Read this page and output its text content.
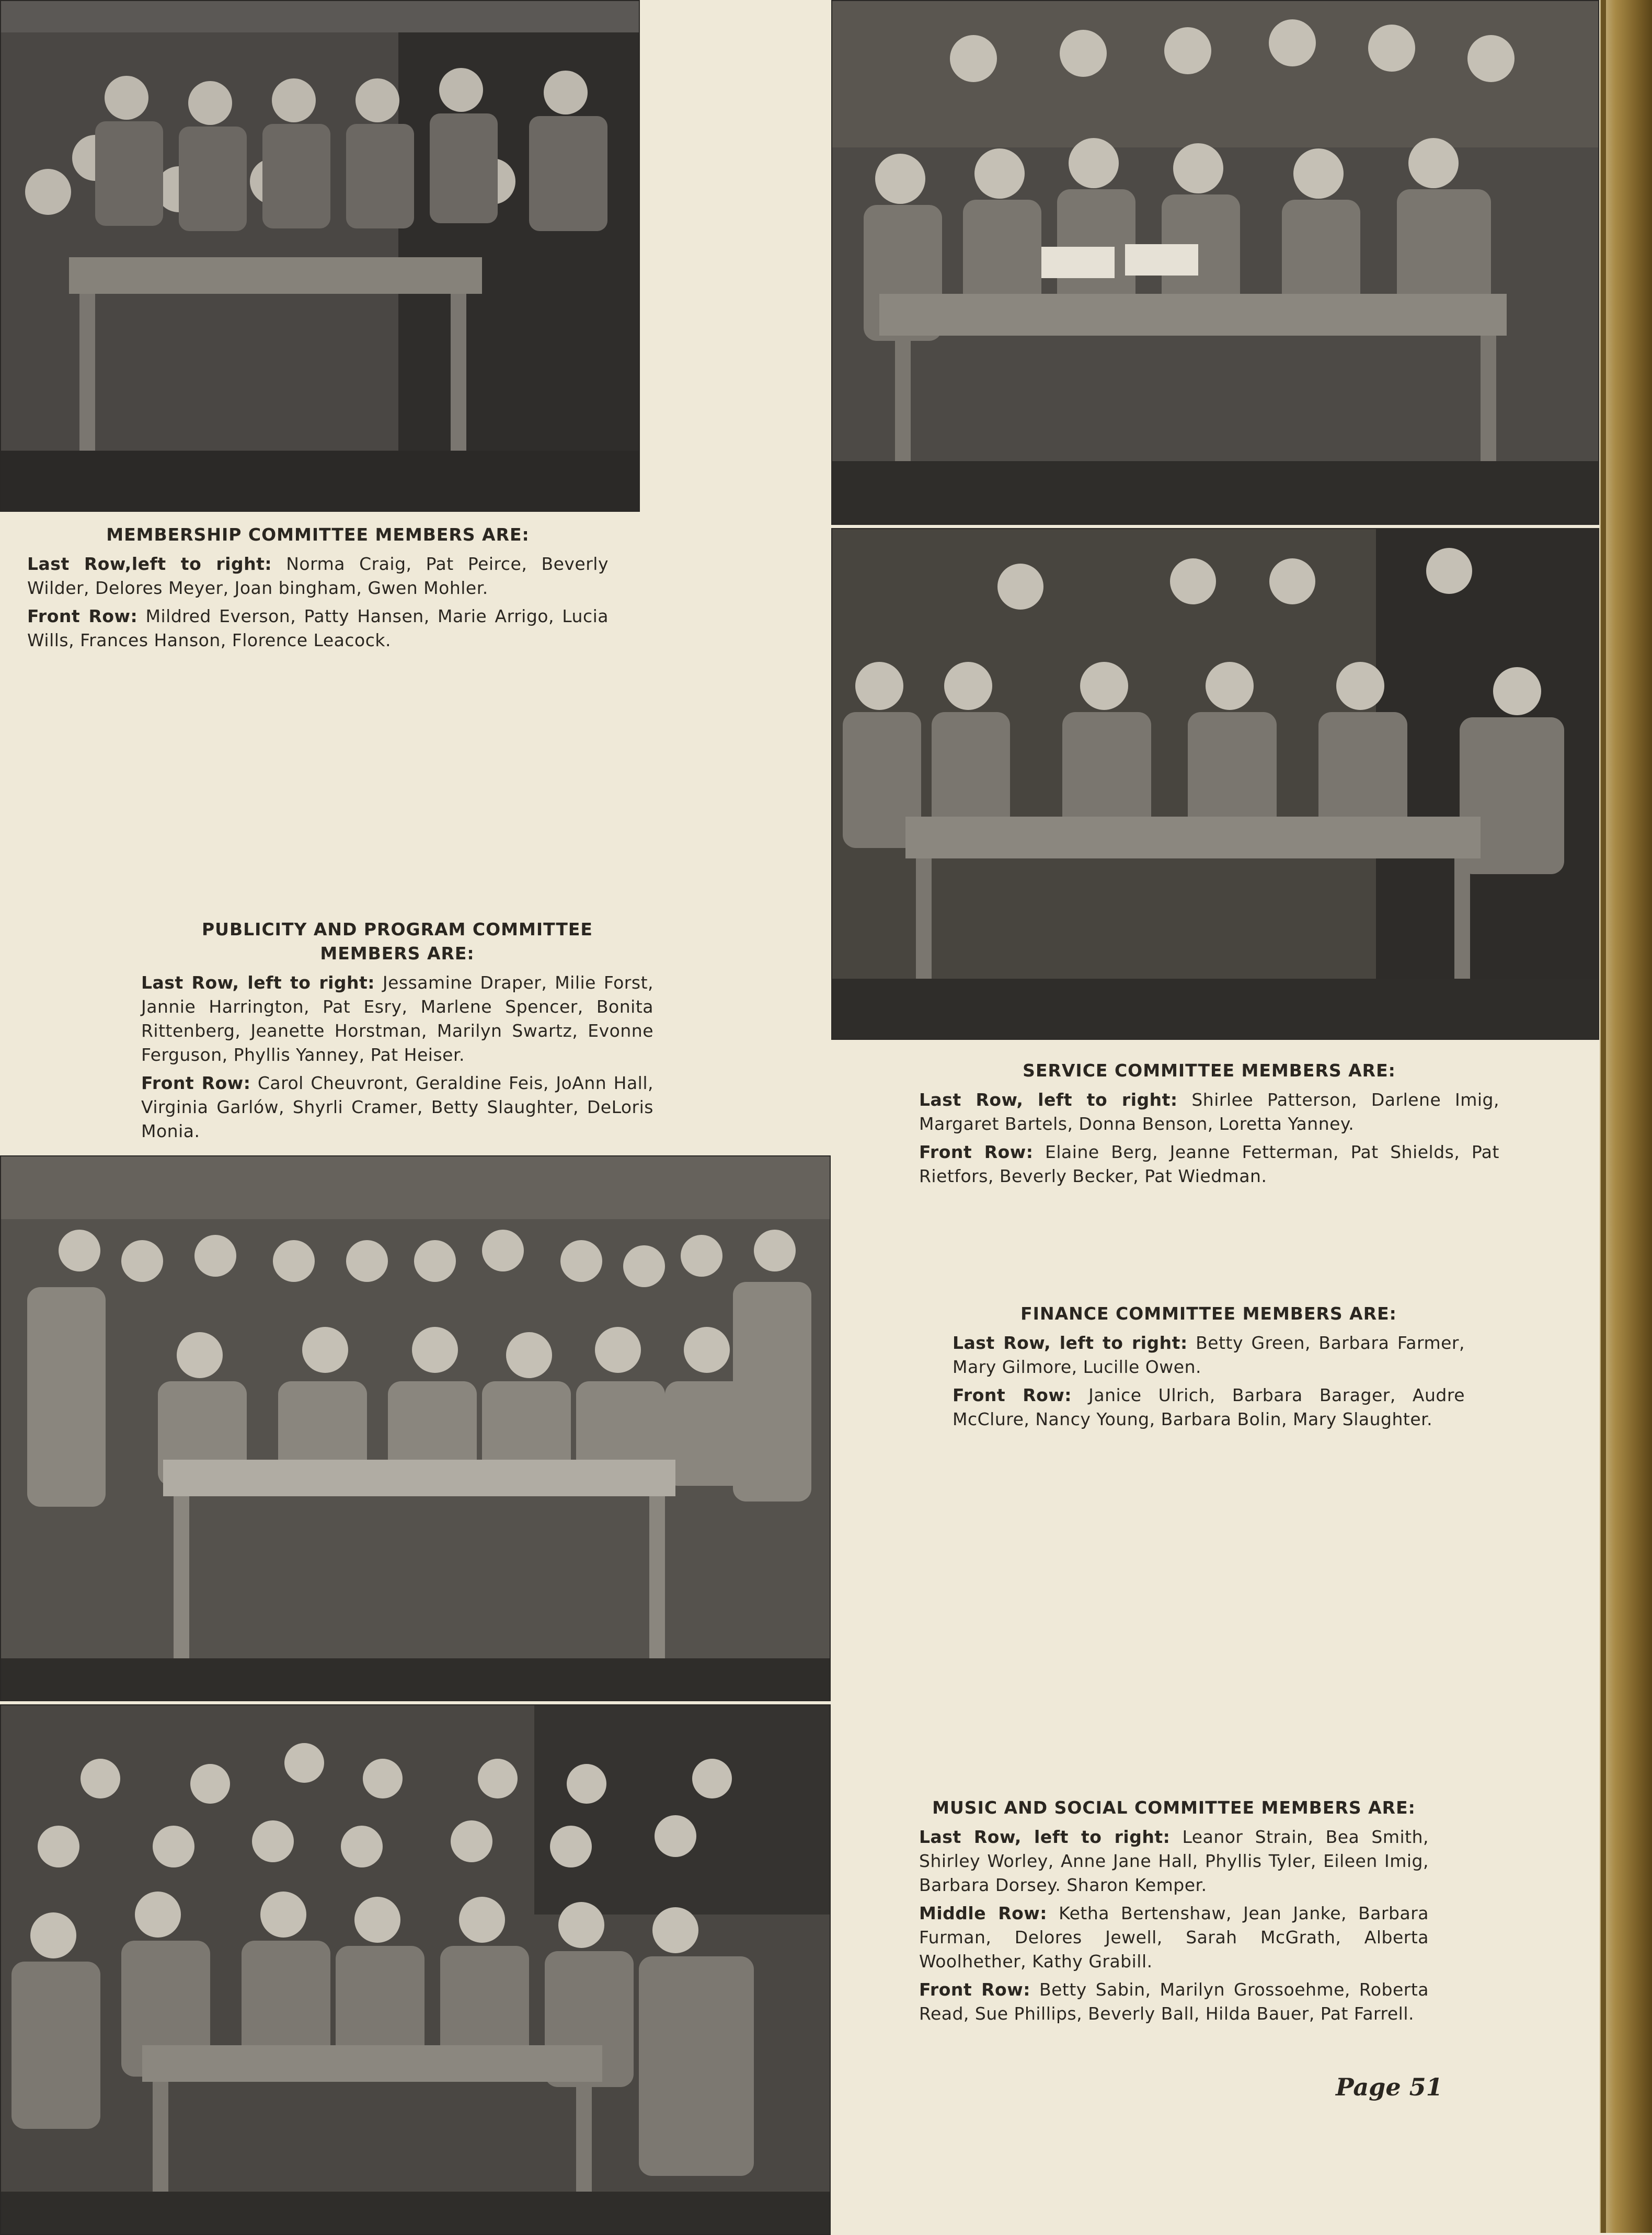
MEMBERSHIP COMMITTEE MEMBERS ARE:

Last Row,left to right: Norma Craig, Pat Peirce, Beverly Wilder, Delores Meyer, Joan bingham, Gwen Mohler.

Front Row: Mildred Everson, Patty Hansen, Marie Arrigo, Lucia Wills, Frances Hanson, Florence Leacock.

PUBLICITY AND PROGRAM COMMITTEE
MEMBERS ARE:

Last Row, left to right: Jessamine Draper, Milie Forst, Jannie Harrington, Pat Esry, Marlene Spencer, Bonita Rittenberg, Jeanette Horstman, Marilyn Swartz, Evonne Ferguson, Phyllis Yanney, Pat Heiser.

Front Row: Carol Cheuvront, Geraldine Feis, JoAnn Hall, Virginia Garlów, Shyrli Cramer, Betty Slaughter, DeLoris Monia.

SERVICE COMMITTEE MEMBERS ARE:

Last Row, left to right: Shirlee Patterson, Darlene Imig, Margaret Bartels, Donna Benson, Loretta Yanney.

Front Row: Elaine Berg, Jeanne Fetterman, Pat Shields, Pat Rietfors, Beverly Becker, Pat Wiedman.

FINANCE COMMITTEE MEMBERS ARE:

Last Row, left to right: Betty Green, Barbara Farmer, Mary Gilmore, Lucille Owen.

Front Row: Janice Ulrich, Barbara Barager, Audre McClure, Nancy Young, Barbara Bolin, Mary Slaughter.

MUSIC AND SOCIAL COMMITTEE MEMBERS ARE:

Last Row, left to right: Leanor Strain, Bea Smith, Shirley Worley, Anne Jane Hall, Phyllis Tyler, Eileen Imig, Barbara Dorsey. Sharon Kemper.

Middle Row: Ketha Bertenshaw, Jean Janke, Barbara Furman, Delores Jewell, Sarah McGrath, Alberta Woolhether, Kathy Grabill.

Front Row: Betty Sabin, Marilyn Grossoehme, Roberta Read, Sue Phillips, Beverly Ball, Hilda Bauer, Pat Farrell.

Page 51
